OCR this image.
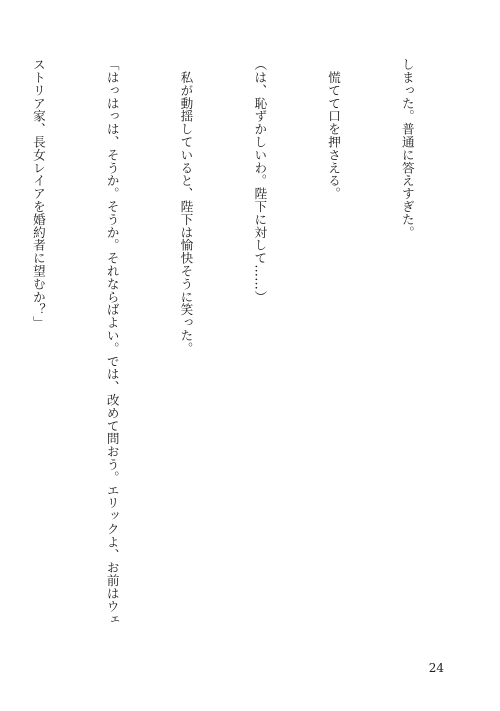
しまった。普通に答えすぎた。

　慌てて口を押さえる。

（は、恥ずかしいわ。陛下に対して……）

　私が動揺していると、陛下は愉快そうに笑った。

「はっはっは、そうか。そうか。それならばよい。では、改めて問おう。エリックよ、お前はウェ

ストリア家、長女レイアを婚約者に望むか？」

24
